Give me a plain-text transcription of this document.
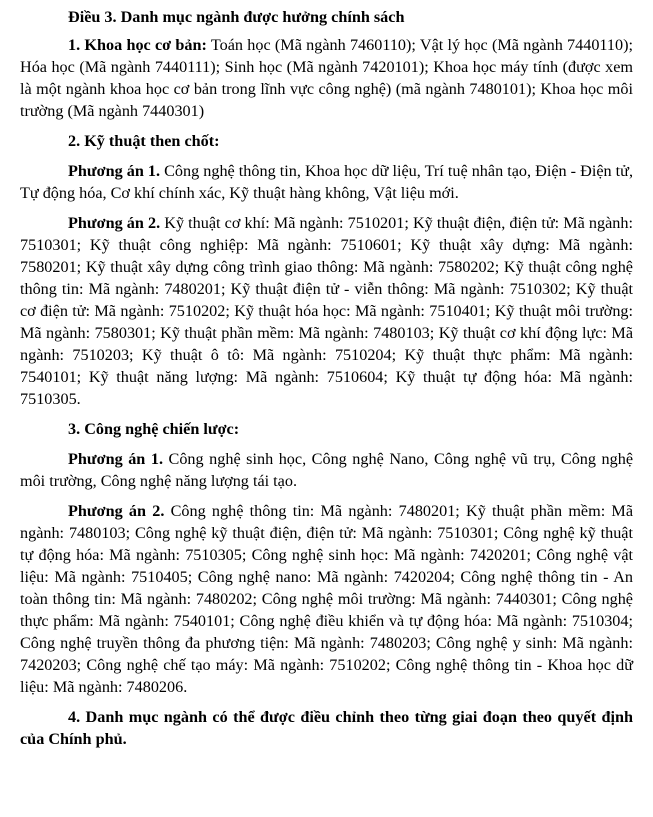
Điều 3. Danh mục ngành được hưởng chính sách

1. Khoa học cơ bản: Toán học (Mã ngành 7460110); Vật lý học (Mã ngành 7440110); Hóa học (Mã ngành 7440111); Sinh học (Mã ngành 7420101); Khoa học máy tính (được xem là một ngành khoa học cơ bản trong lĩnh vực công nghệ) (mã ngành 7480101); Khoa học môi trường (Mã ngành 7440301)

2. Kỹ thuật then chốt:

Phương án 1. Công nghệ thông tin, Khoa học dữ liệu, Trí tuệ nhân tạo, Điện - Điện tử, Tự động hóa, Cơ khí chính xác, Kỹ thuật hàng không, Vật liệu mới.

Phương án 2. Kỹ thuật cơ khí: Mã ngành: 7510201; Kỹ thuật điện, điện tử: Mã ngành: 7510301; Kỹ thuật công nghiệp: Mã ngành: 7510601; Kỹ thuật xây dựng: Mã ngành: 7580201; Kỹ thuật xây dựng công trình giao thông: Mã ngành: 7580202; Kỹ thuật công nghệ thông tin: Mã ngành: 7480201; Kỹ thuật điện tử - viễn thông: Mã ngành: 7510302; Kỹ thuật cơ điện tử: Mã ngành: 7510202; Kỹ thuật hóa học: Mã ngành: 7510401; Kỹ thuật môi trường: Mã ngành: 7580301; Kỹ thuật phần mềm: Mã ngành: 7480103; Kỹ thuật cơ khí động lực: Mã ngành: 7510203; Kỹ thuật ô tô: Mã ngành: 7510204; Kỹ thuật thực phẩm: Mã ngành: 7540101; Kỹ thuật năng lượng: Mã ngành: 7510604; Kỹ thuật tự động hóa: Mã ngành: 7510305.

3. Công nghệ chiến lược:

Phương án 1. Công nghệ sinh học, Công nghệ Nano, Công nghệ vũ trụ, Công nghệ môi trường, Công nghệ năng lượng tái tạo.

Phương án 2. Công nghệ thông tin: Mã ngành: 7480201; Kỹ thuật phần mềm: Mã ngành: 7480103; Công nghệ kỹ thuật điện, điện tử: Mã ngành: 7510301; Công nghệ kỹ thuật tự động hóa: Mã ngành: 7510305; Công nghệ sinh học: Mã ngành: 7420201; Công nghệ vật liệu: Mã ngành: 7510405; Công nghệ nano: Mã ngành: 7420204; Công nghệ thông tin - An toàn thông tin: Mã ngành: 7480202; Công nghệ môi trường: Mã ngành: 7440301; Công nghệ thực phẩm: Mã ngành: 7540101; Công nghệ điều khiển và tự động hóa: Mã ngành: 7510304; Công nghệ truyền thông đa phương tiện: Mã ngành: 7480203; Công nghệ y sinh: Mã ngành: 7420203; Công nghệ chế tạo máy: Mã ngành: 7510202; Công nghệ thông tin - Khoa học dữ liệu: Mã ngành: 7480206.

4. Danh mục ngành có thể được điều chỉnh theo từng giai đoạn theo quyết định của Chính phủ.
